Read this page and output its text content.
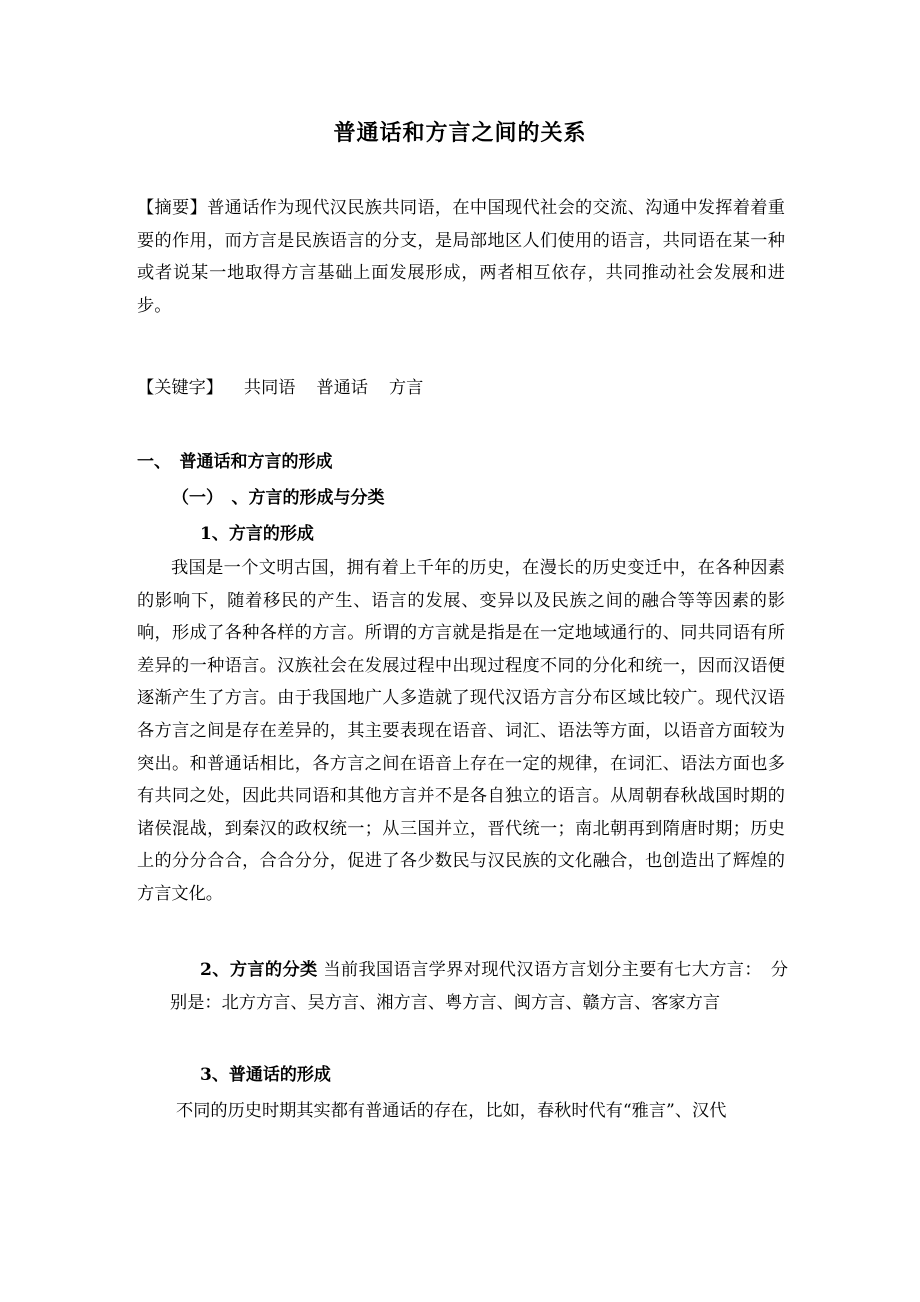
普通话和方言之间的关系
【摘要】普通话作为现代汉民族共同语，在中国现代社会的交流、沟通中发挥着着重要的作用，而方言是民族语言的分支，是局部地区人们使用的语言，共同语在某一种或者说某一地取得方言基础上面发展形成，两者相互依存，共同推动社会发展和进步。
【关键字】 共同语 普通话 方言
一、　普通话和方言的形成
（一）　、方言的形成与分类
1、方言的形成
我国是一个文明古国，拥有着上千年的历史，在漫长的历史变迁中，在各种因素的影响下，随着移民的产生、语言的发展、变异以及民族之间的融合等等因素的影响，形成了各种各样的方言。所谓的方言就是指是在一定地域通行的、同共同语有所差异的一种语言。汉族社会在发展过程中出现过程度不同的分化和统一，因而汉语便逐渐产生了方言。由于我国地广人多造就了现代汉语方言分布区域比较广。现代汉语各方言之间是存在差异的，其主要表现在语音、词汇、语法等方面，以语音方面较为突出。和普通话相比，各方言之间在语音上存在一定的规律，在词汇、语法方面也多有共同之处，因此共同语和其他方言并不是各自独立的语言。从周朝春秋战国时期的诸侯混战，到秦汉的政权统一；从三国并立，晋代统一；南北朝再到隋唐时期；历史上的分分合合，合合分分，促进了各少数民与汉民族的文化融合，也创造出了辉煌的方言文化。
2、方言的分类 当前我国语言学界对现代汉语方言划分主要有七大方言：　分别是：北方方言、吴方言、湘方言、粤方言、闽方言、赣方言、客家方言
3、普通话的形成
不同的历史时期其实都有普通话的存在，比如，春秋时代有“雅言”、汉代
